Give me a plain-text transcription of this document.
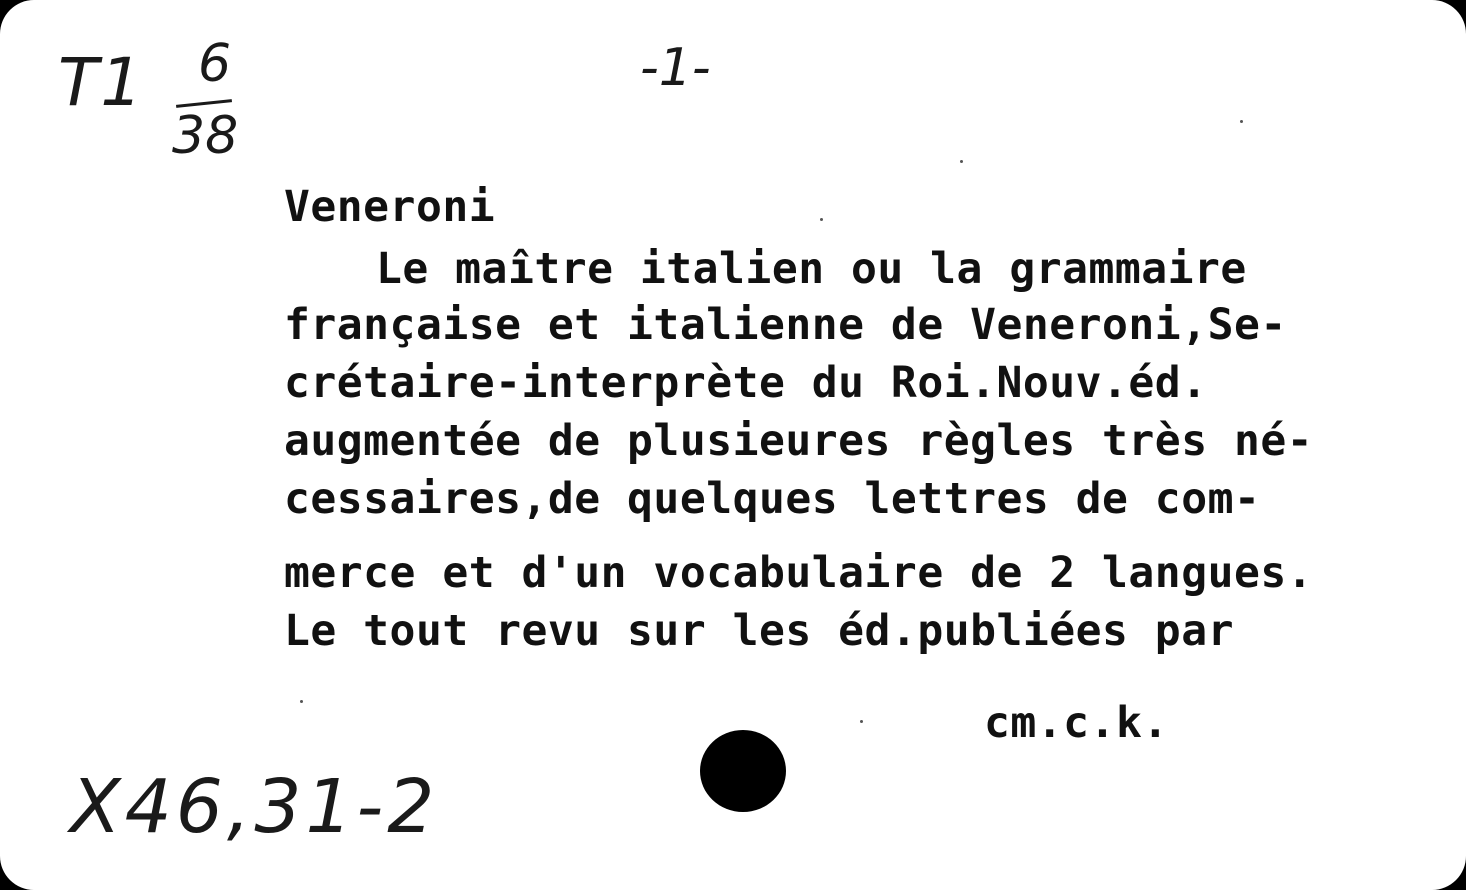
T1 6
38
-1-
Veneroni
Le maître italien ou la grammaire
française et italienne de Veneroni,Se-
crétaire-interprète du Roi.Nouv.éd.
augmentée de plusieures règles très né-
cessaires,de quelques lettres de com-
merce et d'un vocabulaire de 2 langues.
Le tout revu sur les éd.publiées par
cm.c.k.
X46,31-2
